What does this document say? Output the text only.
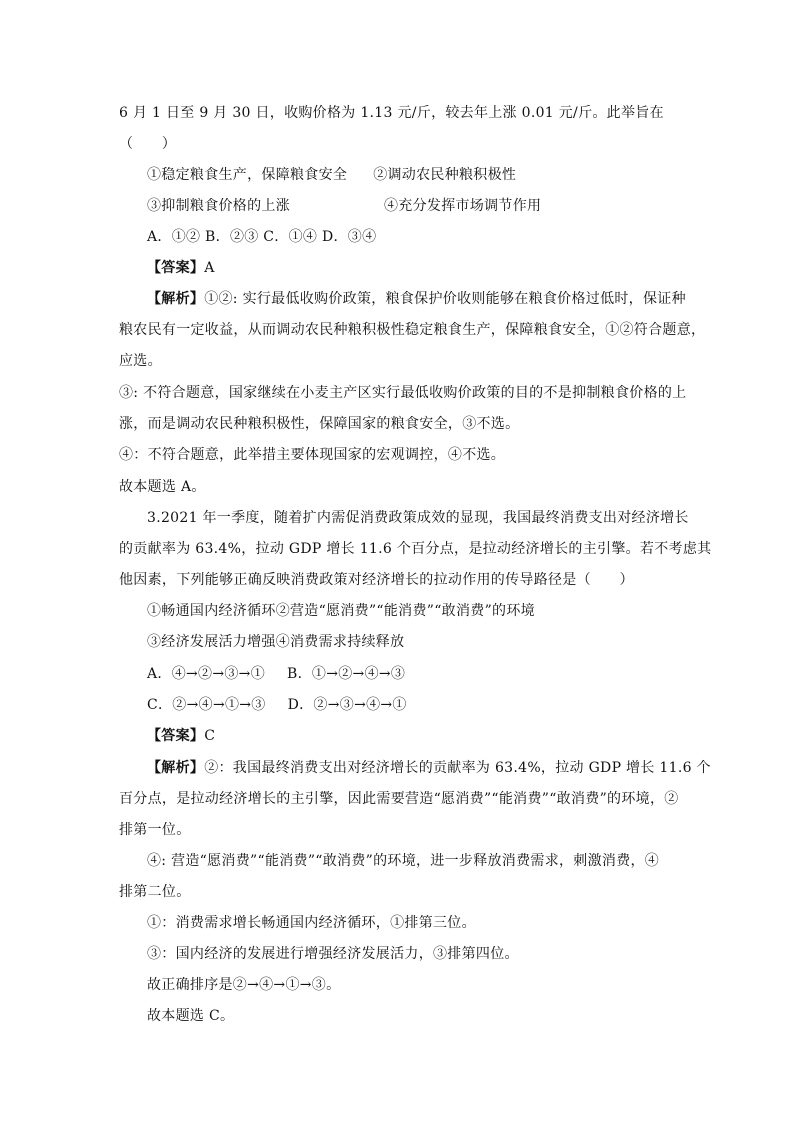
6 月 1 日至 9 月 30 日，收购价格为 1.13 元/斤，较去年上涨 0.01 元/斤。此举旨在
（　　）
①稳定粮食生产，保障粮食安全 ②调动农民种粮积极性
③抑制粮食价格的上涨	④充分发挥市场调节作用
A．①② B．②③ C．①④ D．③④
【答案】A
【解析】①②: 实行最低收购价政策，粮食保护价收则能够在粮食价格过低时，保证种
粮农民有一定收益，从而调动农民种粮积极性稳定粮食生产，保障粮食安全，①②符合题意，
应选。
③: 不符合题意，国家继续在小麦主产区实行最低收购价政策的目的不是抑制粮食价格的上
涨，而是调动农民种粮积极性，保障国家的粮食安全，③不选。
④：不符合题意，此举措主要体现国家的宏观调控，④不选。
故本题选 A。
3.2021 年一季度，随着扩内需促消费政策成效的显现，我国最终消费支出对经济增长
的贡献率为 63.4%，拉动 GDP 增长 11.6 个百分点，是拉动经济增长的主引擎。若不考虑其
他因素，下列能够正确反映消费政策对经济增长的拉动作用的传导路径是（　　）
①畅通国内经济循环②营造“愿消费”“能消费”“敢消费”的环境
③经济发展活力增强④消费需求持续释放
A．④→②→③→① B．①→②→④→③
C．②→④→①→③ D．②→③→④→①
【答案】C
【解析】②：我国最终消费支出对经济增长的贡献率为 63.4%，拉动 GDP 增长 11.6 个
百分点，是拉动经济增长的主引擎，因此需要营造“愿消费”“能消费”“敢消费”的环境，②
排第一位。
④: 营造“愿消费”“能消费”“敢消费”的环境，进一步释放消费需求，刺激消费，④
排第二位。
①：消费需求增长畅通国内经济循环，①排第三位。
③：国内经济的发展进行增强经济发展活力，③排第四位。
故正确排序是②→④→①→③。
故本题选 C。
